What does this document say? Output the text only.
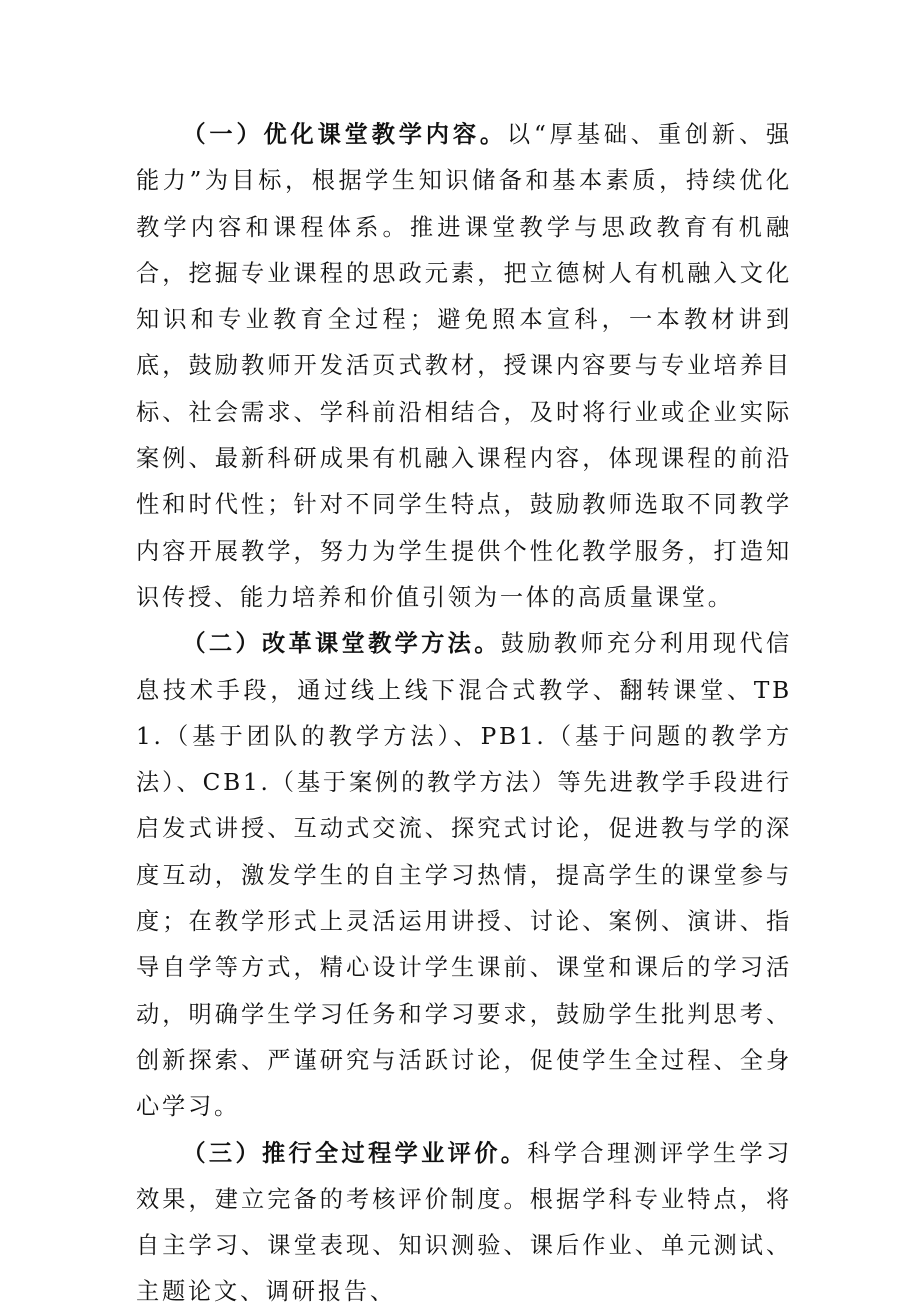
（一）优化课堂教学内容。以“厚基础、重创新、强能力”为目标，根据学生知识储备和基本素质，持续优化教学内容和课程体系。推进课堂教学与思政教育有机融合，挖掘专业课程的思政元素，把立德树人有机融入文化知识和专业教育全过程；避免照本宣科，一本教材讲到底，鼓励教师开发活页式教材，授课内容要与专业培养目标、社会需求、学科前沿相结合，及时将行业或企业实际案例、最新科研成果有机融入课程内容，体现课程的前沿性和时代性；针对不同学生特点，鼓励教师选取不同教学内容开展教学，努力为学生提供个性化教学服务，打造知识传授、能力培养和价值引领为一体的高质量课堂。

（二）改革课堂教学方法。鼓励教师充分利用现代信息技术手段，通过线上线下混合式教学、翻转课堂、TB1.（基于团队的教学方法）、PB1.（基于问题的教学方法）、CB1.（基于案例的教学方法）等先进教学手段进行启发式讲授、互动式交流、探究式讨论，促进教与学的深度互动，激发学生的自主学习热情，提高学生的课堂参与度；在教学形式上灵活运用讲授、讨论、案例、演讲、指导自学等方式，精心设计学生课前、课堂和课后的学习活动，明确学生学习任务和学习要求，鼓励学生批判思考、创新探索、严谨研究与活跃讨论，促使学生全过程、全身心学习。

（三）推行全过程学业评价。科学合理测评学生学习效果，建立完备的考核评价制度。根据学科专业特点，将自主学习、课堂表现、知识测验、课后作业、单元测试、主题论文、调研报告、
